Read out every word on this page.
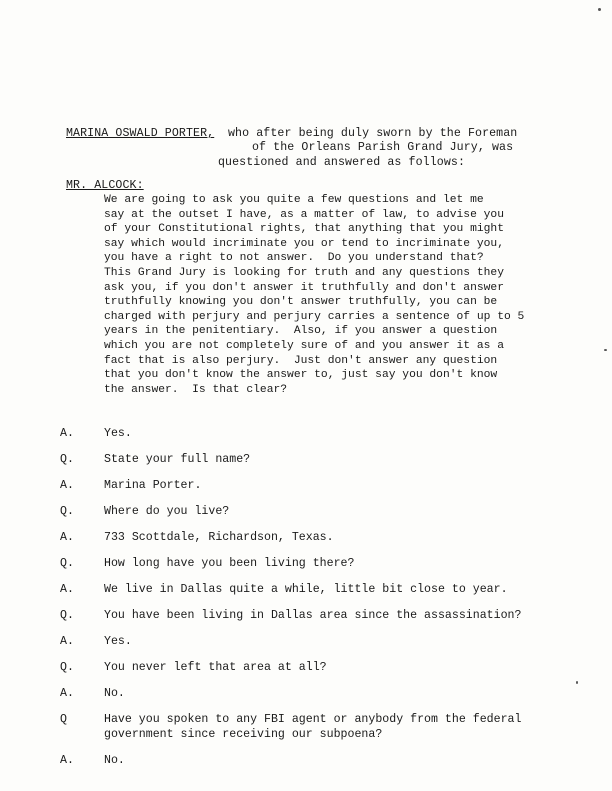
MARINA OSWALD PORTER, who after being duly sworn by the Foreman
of the Orleans Parish Grand Jury, was
questioned and answered as follows:
MR. ALCOCK:
We are going to ask you quite a few questions and let me
say at the outset I have, as a matter of law, to advise you
of your Constitutional rights, that anything that you might
say which would incriminate you or tend to incriminate you,
you have a right to not answer.  Do you understand that?
This Grand Jury is looking for truth and any questions they
ask you, if you don't answer it truthfully and don't answer
truthfully knowing you don't answer truthfully, you can be
charged with perjury and perjury carries a sentence of up to 5
years in the penitentiary.  Also, if you answer a question
which you are not completely sure of and you answer it as a
fact that is also perjury.  Just don't answer any question
that you don't know the answer to, just say you don't know
the answer.  Is that clear?
A.	Yes.
Q.	State your full name?
A.	Marina Porter.
Q.	Where do you live?
A.	733 Scottdale, Richardson, Texas.
Q.	How long have you been living there?
A.	We live in Dallas quite a while, little bit close to year.
Q.	You have been living in Dallas area since the assassination?
A.	Yes.
Q.	You never left that area at all?
A.	No.
Q	Have you spoken to any FBI agent or anybody from the federal
government since receiving our subpoena?
A.	No.
